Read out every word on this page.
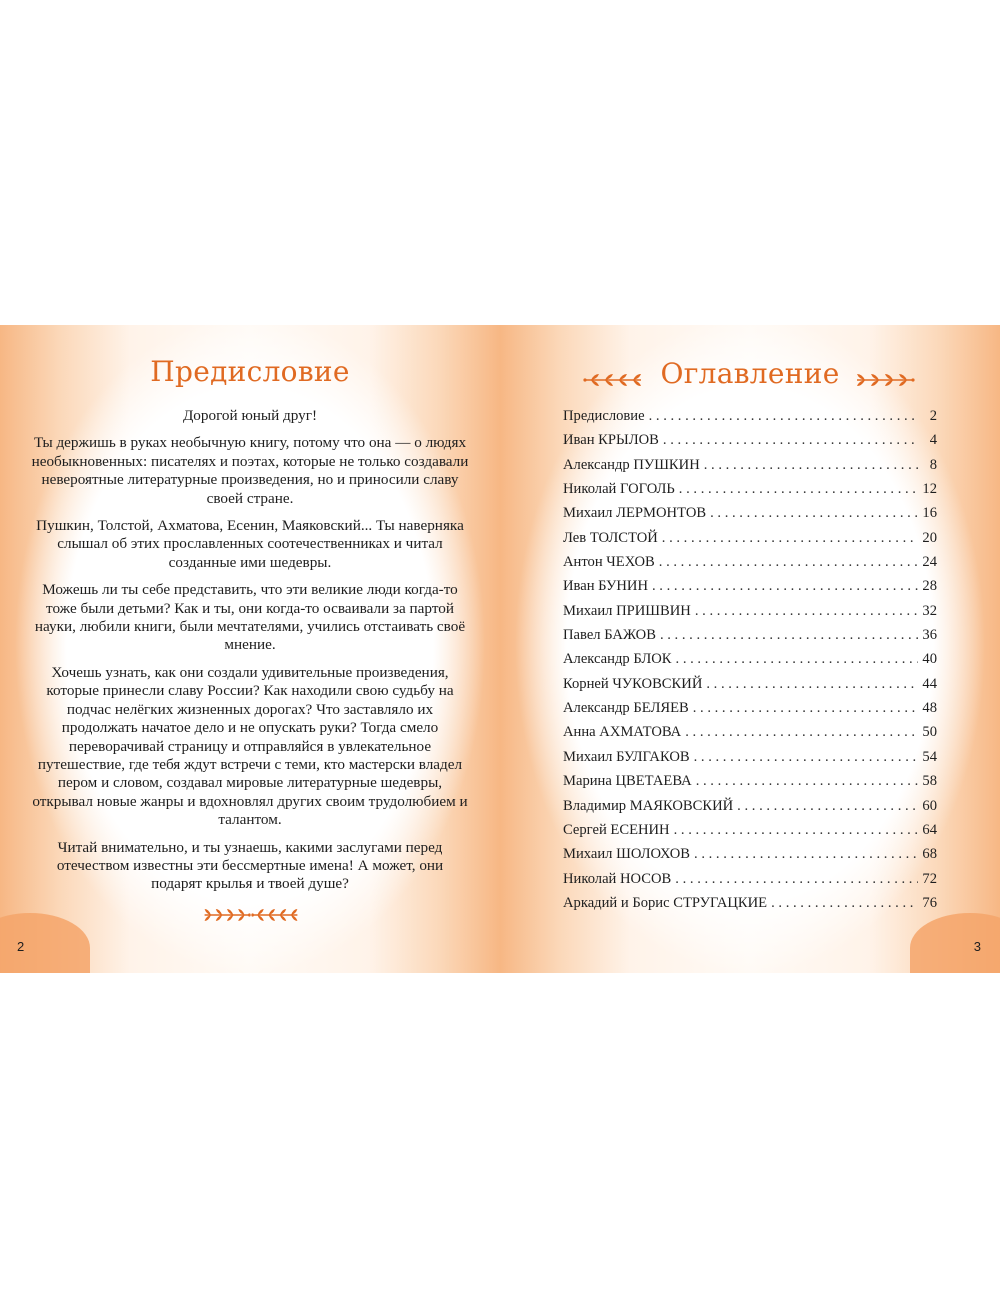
Предисловие

Дорогой юный друг!

Ты держишь в руках необычную книгу, потому что она — о людях необыкновенных: писателях и поэтах, которые не только создавали невероятные литературные произведения, но и приносили славу своей стране.

Пушкин, Толстой, Ахматова, Есенин, Маяковский... Ты наверняка слышал об этих прославленных соотечественниках и читал созданные ими шедевры.

Можешь ли ты себе представить, что эти великие люди когда-то тоже были детьми? Как и ты, они когда-то осваивали за партой науки, любили книги, были мечтателями, учились отстаивать своё мнение.

Хочешь узнать, как они создали удивительные произведения, которые принесли славу России? Как находили свою судьбу на подчас нелёгких жизненных дорогах? Что заставляло их продолжать начатое дело и не опускать руки? Тогда смело переворачивай страницу и отправляйся в увлекательное путешествие, где тебя ждут встречи с теми, кто мастерски владел пером и словом, создавал мировые литературные шедевры, открывал новые жанры и вдохновлял других своим трудолюбием и талантом.

Читай внимательно, и ты узнаешь, какими заслугами перед отечеством известны эти бессмертные имена! А может, они подарят крылья и твоей душе?

2
Оглавление
Предисловие . . .	2
Иван КРЫЛОВ . . .	4
Александр ПУШКИН . . .	8
Николай ГОГОЛЬ . . .	12
Михаил ЛЕРМОНТОВ . . .	16
Лев ТОЛСТОЙ . . .	20
Антон ЧЕХОВ . . .	24
Иван БУНИН . . .	28
Михаил ПРИШВИН . . .	32
Павел БАЖОВ . . .	36
Александр БЛОК . . .	40
Корней ЧУКОВСКИЙ . . .	44
Александр БЕЛЯЕВ . . .	48
Анна АХМАТОВА . . .	50
Михаил БУЛГАКОВ . . .	54
Марина ЦВЕТАЕВА . . .	58
Владимир МАЯКОВСКИЙ . . .	60
Сергей ЕСЕНИН . . .	64
Михаил ШОЛОХОВ . . .	68
Николай НОСОВ . . .	72
Аркадий и Борис СТРУГАЦКИЕ . . .	76
3
